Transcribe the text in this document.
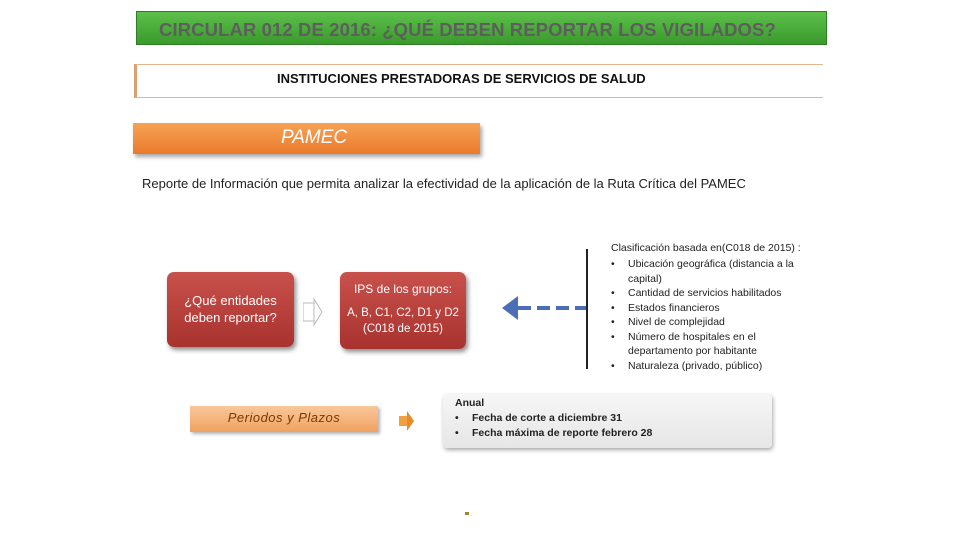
CIRCULAR 012 DE 2016: ¿QUÉ DEBEN REPORTAR LOS VIGILADOS?
INSTITUCIONES PRESTADORAS DE SERVICIOS DE SALUD
PAMEC
Reporte de Información que permita analizar la efectividad de la aplicación de la Ruta Crítica del PAMEC
¿Qué entidades deben reportar?
IPS de los grupos:
A, B, C1, C2, D1 y D2 (C018 de 2015)
Clasificación basada en(C018 de 2015) :
• Ubicación geográfica (distancia a la capital)
• Cantidad de servicios habilitados
• Estados financieros
• Nivel de complejidad
• Número de hospitales en el departamento por habitante
• Naturaleza (privado, público)
Periodos y Plazos
Anual
• Fecha de corte a diciembre 31
• Fecha máxima de reporte febrero 28
